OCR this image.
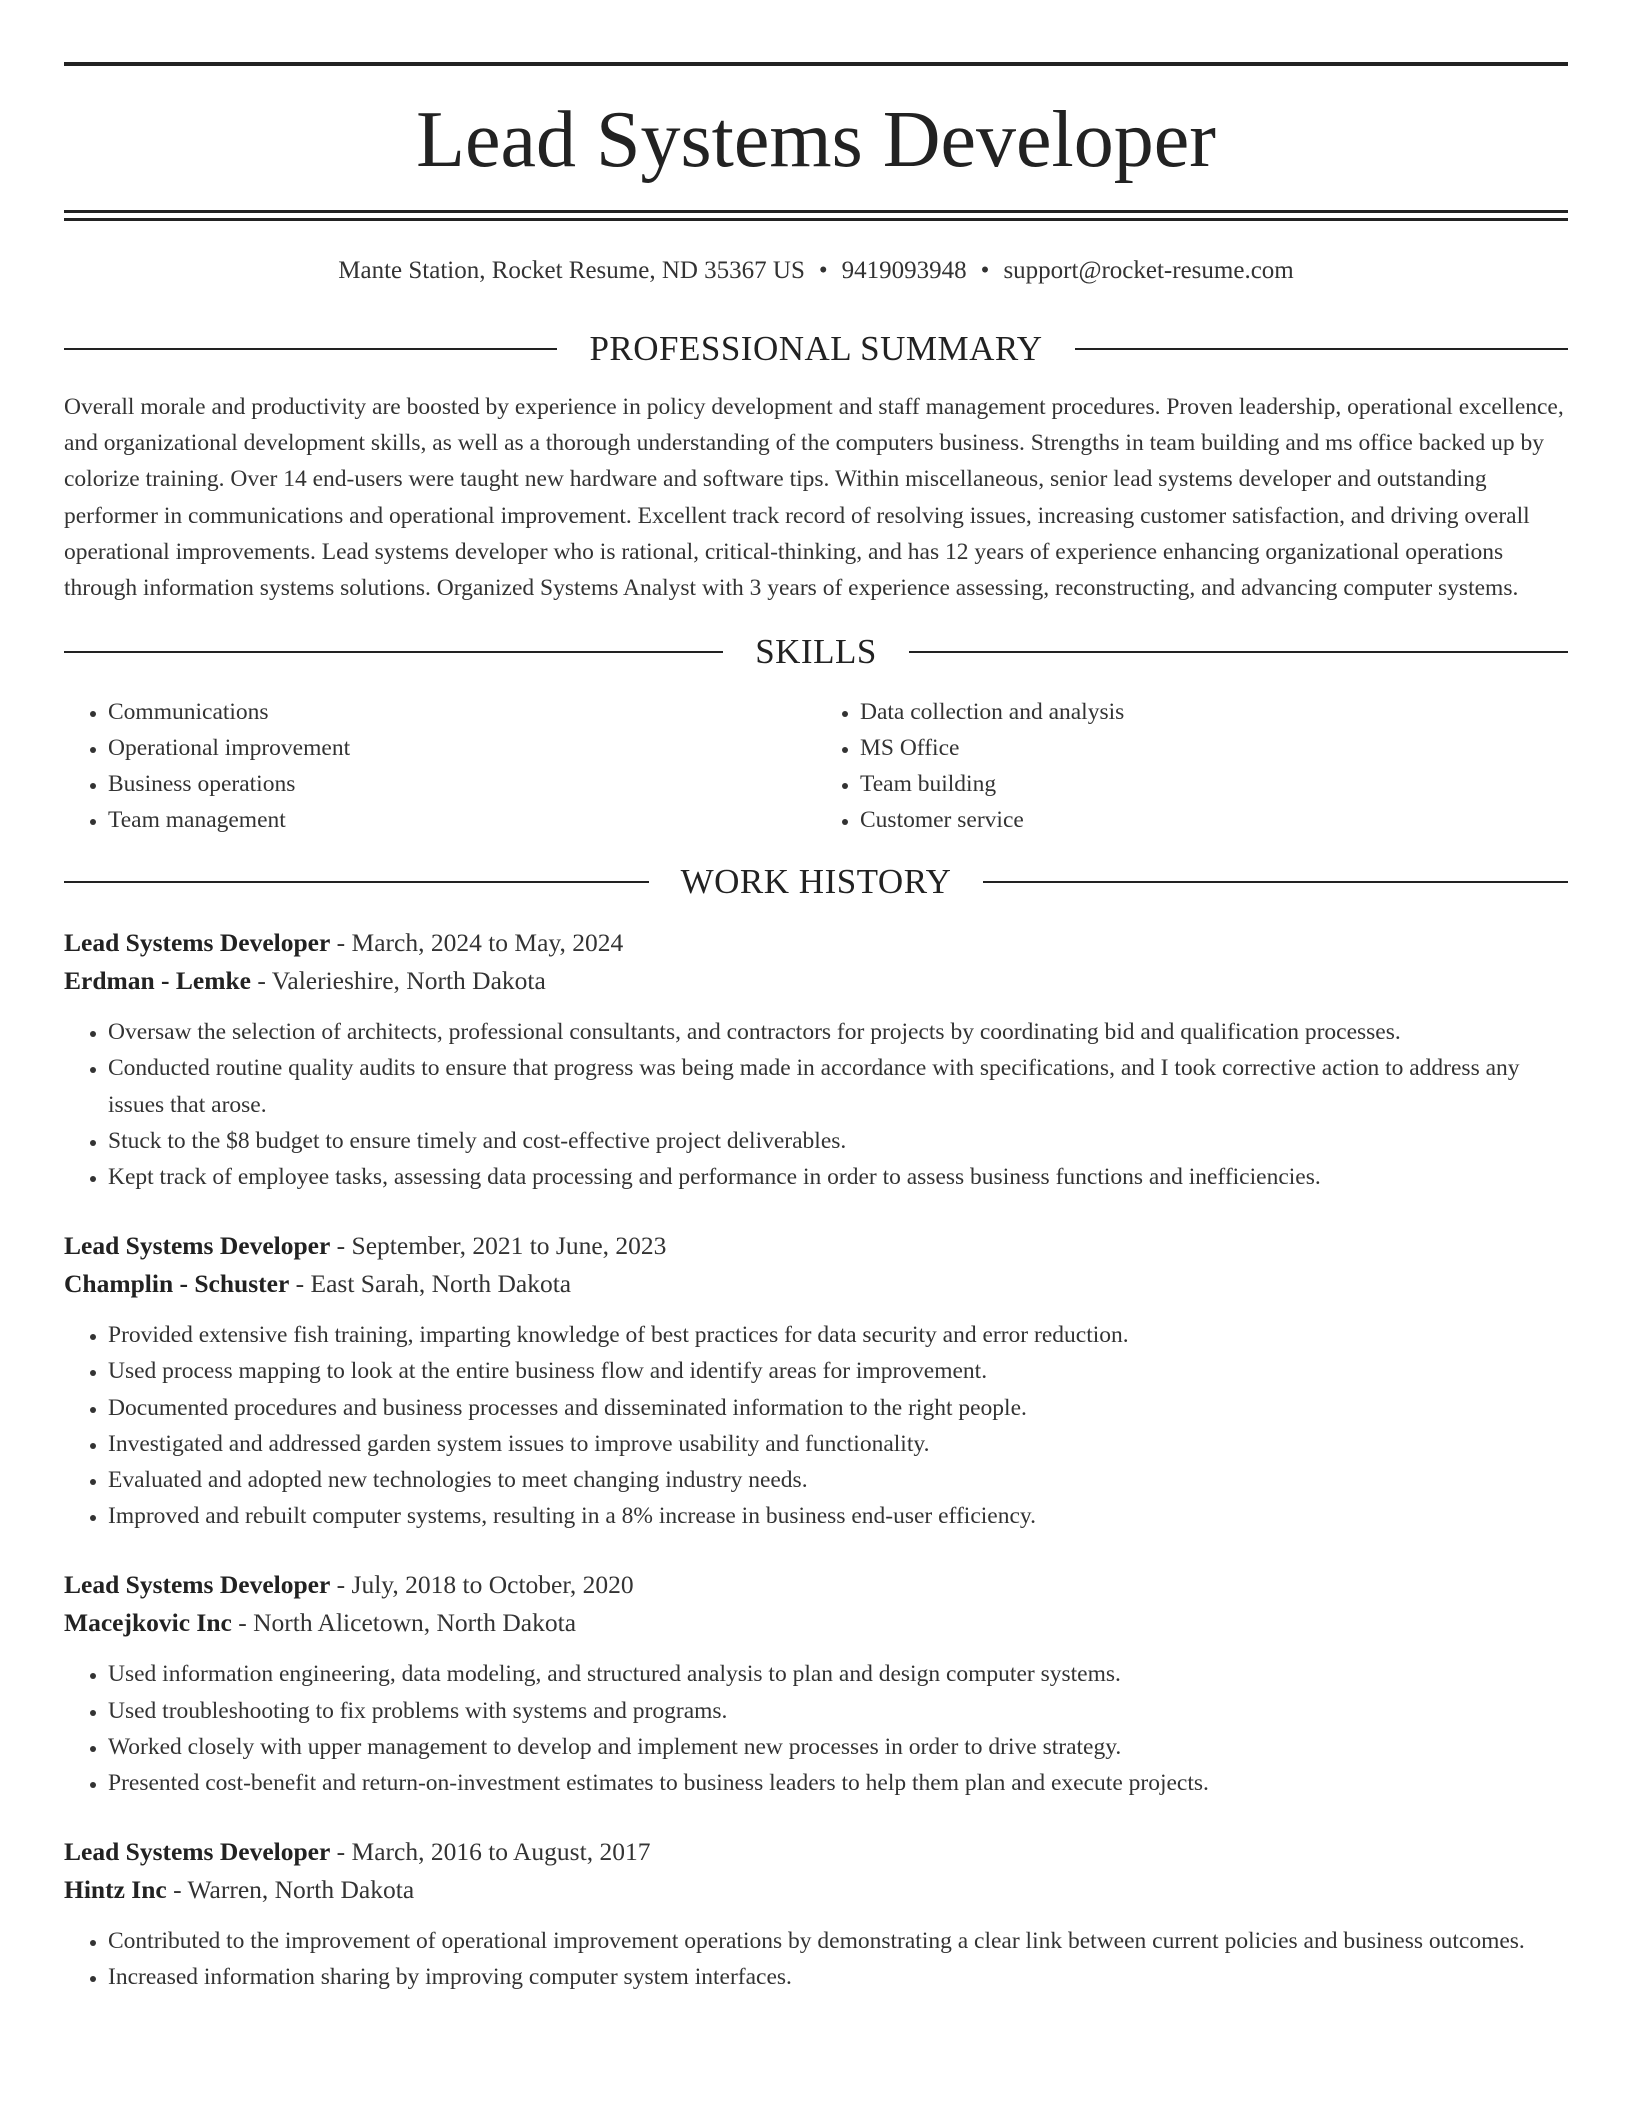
Lead Systems Developer
Mante Station, Rocket Resume, ND 35367 US • 9419093948 • support@rocket-resume.com
PROFESSIONAL SUMMARY

Overall morale and productivity are boosted by experience in policy development and staff management procedures. Proven leadership, operational excellence, and organizational development skills, as well as a thorough understanding of the computers business. Strengths in team building and ms office backed up by colorize training. Over 14 end-users were taught new hardware and software tips. Within miscellaneous, senior lead systems developer and outstanding performer in communications and operational improvement. Excellent track record of resolving issues, increasing customer satisfaction, and driving overall operational improvements. Lead systems developer who is rational, critical-thinking, and has 12 years of experience enhancing organizational operations through information systems solutions. Organized Systems Analyst with 3 years of experience assessing, reconstructing, and advancing computer systems.

SKILLS
• Communications
• Operational improvement
• Business operations
• Team management
• Data collection and analysis
• MS Office
• Team building
• Customer service
WORK HISTORY
Lead Systems Developer - March, 2024 to May, 2024
Erdman - Lemke - Valerieshire, North Dakota
• Oversaw the selection of architects, professional consultants, and contractors for projects by coordinating bid and qualification processes.
• Conducted routine quality audits to ensure that progress was being made in accordance with specifications, and I took corrective action to address any issues that arose.
• Stuck to the $8 budget to ensure timely and cost-effective project deliverables.
• Kept track of employee tasks, assessing data processing and performance in order to assess business functions and inefficiencies.
Lead Systems Developer - September, 2021 to June, 2023
Champlin - Schuster - East Sarah, North Dakota
• Provided extensive fish training, imparting knowledge of best practices for data security and error reduction.
• Used process mapping to look at the entire business flow and identify areas for improvement.
• Documented procedures and business processes and disseminated information to the right people.
• Investigated and addressed garden system issues to improve usability and functionality.
• Evaluated and adopted new technologies to meet changing industry needs.
• Improved and rebuilt computer systems, resulting in a 8% increase in business end-user efficiency.
Lead Systems Developer - July, 2018 to October, 2020
Macejkovic Inc - North Alicetown, North Dakota
• Used information engineering, data modeling, and structured analysis to plan and design computer systems.
• Used troubleshooting to fix problems with systems and programs.
• Worked closely with upper management to develop and implement new processes in order to drive strategy.
• Presented cost-benefit and return-on-investment estimates to business leaders to help them plan and execute projects.
Lead Systems Developer - March, 2016 to August, 2017
Hintz Inc - Warren, North Dakota
• Contributed to the improvement of operational improvement operations by demonstrating a clear link between current policies and business outcomes.
• Increased information sharing by improving computer system interfaces.
